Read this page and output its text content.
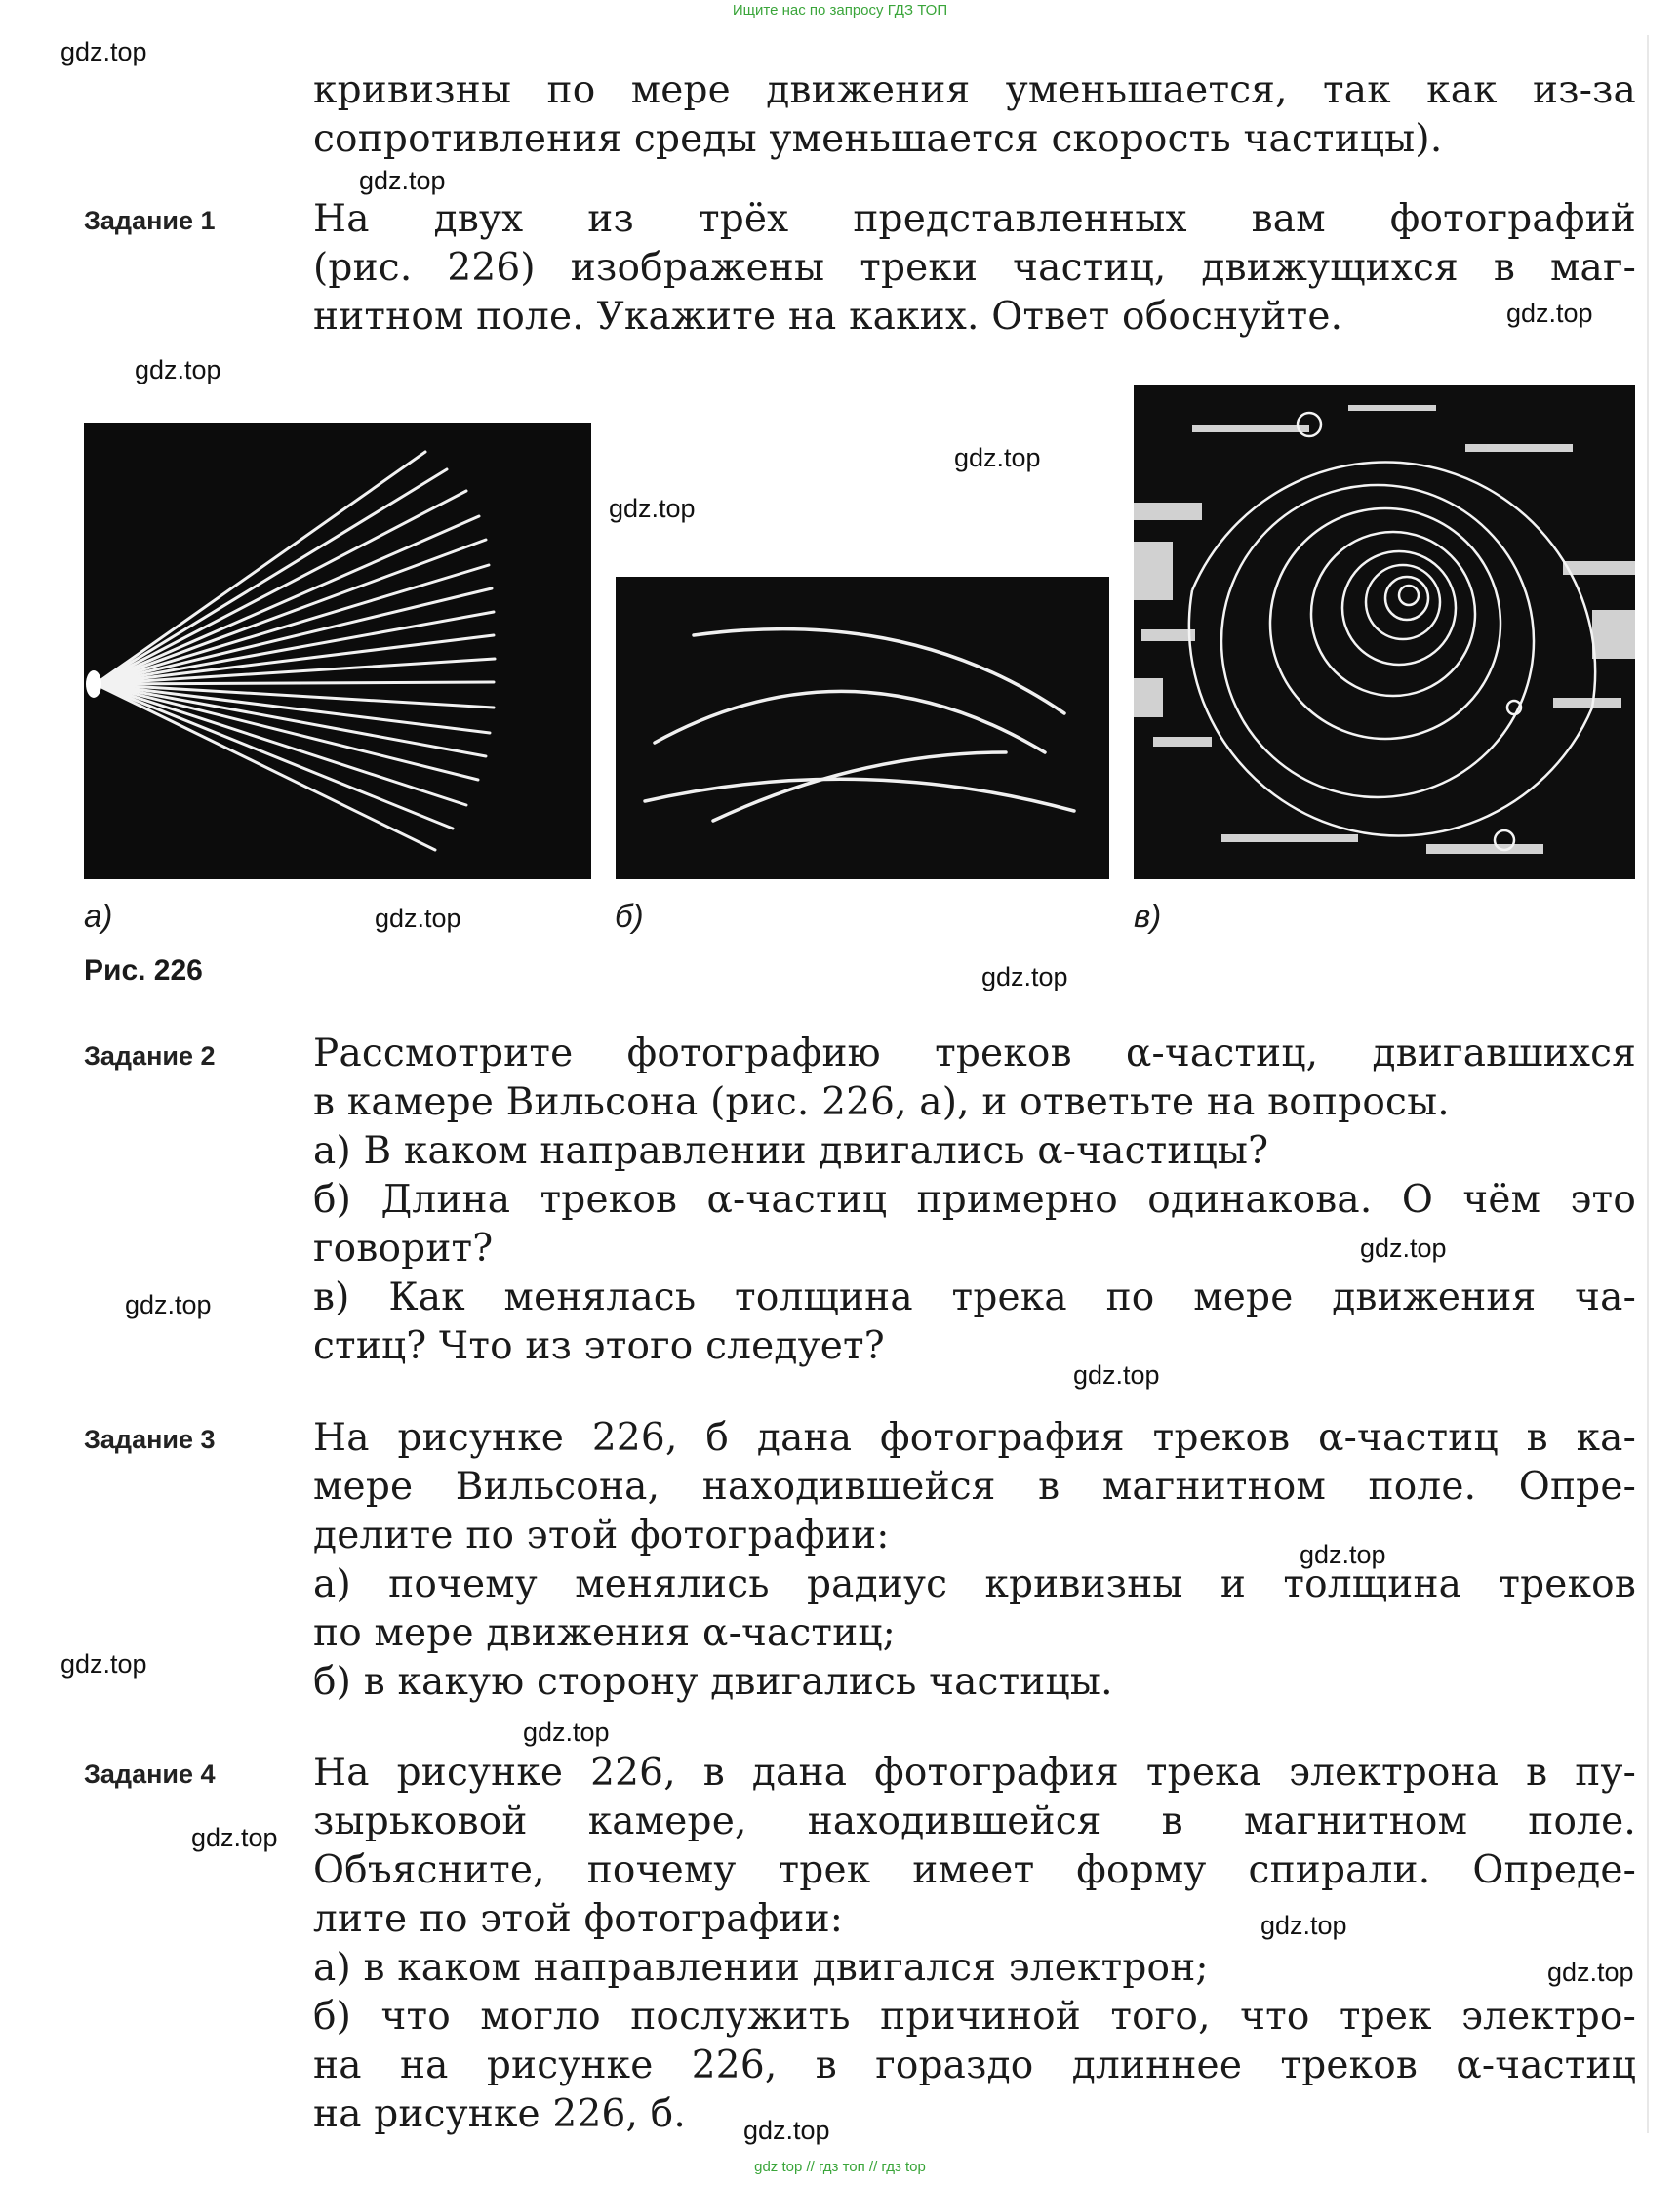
Ищите нас по запросу ГДЗ ТОП
gdz.top
gdz.top
gdz.top
gdz.top
gdz.top
gdz.top
gdz.top
gdz.top
gdz.top
gdz.top
gdz.top
gdz.top
gdz.top
gdz.top
gdz.top
gdz.top
gdz.top
gdz.top
кривизны по мере движения уменьшается, так как из-за
сопротивления среды уменьшается скорость частицы).
Задание 1	На двух из трёх представленных вам фотографий
(рис. 226) изображены треки частиц, движущихся в маг-
нитном поле. Укажите на каких. Ответ обоснуйте.
а)	б)	в)
Рис. 226
Задание 2	Рассмотрите фотографию треков α-частиц, двигавшихся
в камере Вильсона (рис. 226, а), и ответьте на вопросы.
а) В каком направлении двигались α-частицы?
б) Длина треков α-частиц примерно одинакова. О чём это
говорит?
в) Как менялась толщина трека по мере движения ча-
стиц? Что из этого следует?
Задание 3	На рисунке 226, б дана фотография треков α-частиц в ка-
мере Вильсона, находившейся в магнитном поле. Опре-
делите по этой фотографии:
а) почему менялись радиус кривизны и толщина треков
по мере движения α-частиц;
б) в какую сторону двигались частицы.
Задание 4	На рисунке 226, в дана фотография трека электрона в пу-
зырьковой камере, находившейся в магнитном поле.
Объясните, почему трек имеет форму спирали. Опреде-
лите по этой фотографии:
а) в каком направлении двигался электрон;
б) что могло послужить причиной того, что трек электро-
на на рисунке 226, в гораздо длиннее треков α-частиц
на рисунке 226, б.
gdz top // гдз топ // гдз top
